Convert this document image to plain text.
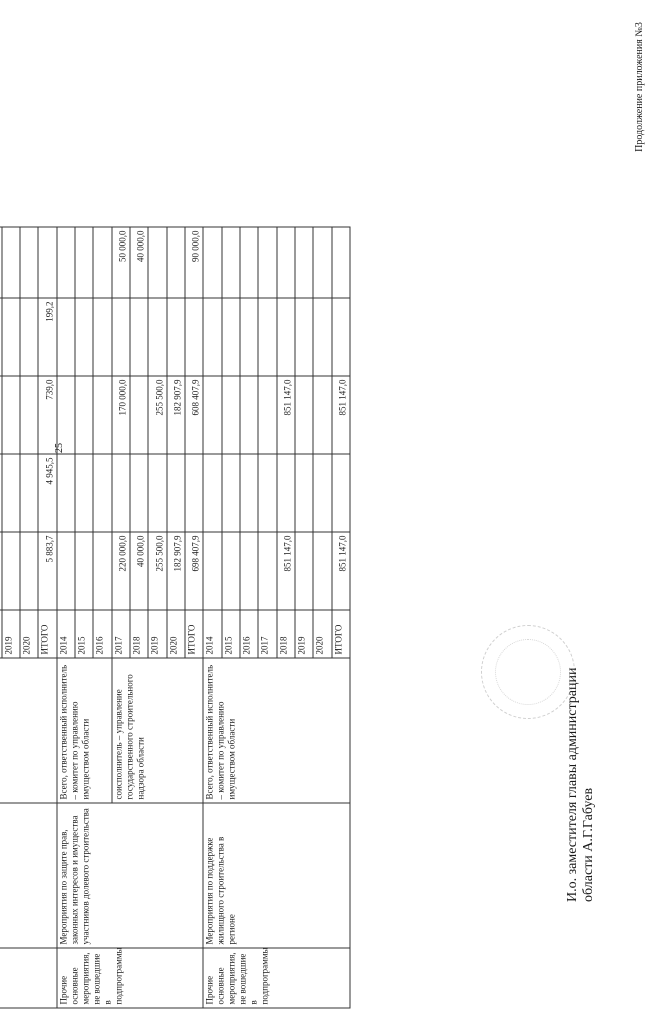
Продолжение приложения №3
25
И.о. заместителя главы администрации области А.Г.Габуев

			2019					
			2020					
			ИТОГО	5 883,7	4 945,5	739,0	199,2	
Прочие основные мероприятия, не вошедшие в подпрограммы	Мероприятия по защите прав, законных интересов и имущества участников долевого строительства	Всего, ответственный исполнитель – комитет по управлению имуществом области	2014					
			2015					
			2016					
		соисполнитель – управление государственного строительного надзора области	2017	220 000,0		170 000,0		50 000,0
			2018	40 000,0				40 000,0
			2019	255 500,0		255 500,0		
			2020	182 907,9		182 907,9		
			ИТОГО	698 407,9		608 407,9		90 000,0
Прочие основные мероприятия, не вошедшие в подпрограммы	Мероприятия по поддержке жилищного строительства в регионе	Всего, ответственный исполнитель – комитет по управлению имуществом области	2014					
			2015					
			2016					
			2017					
			2018	851 147,0		851 147,0		
			2019					
			2020					
			ИТОГО	851 147,0		851 147,0		
